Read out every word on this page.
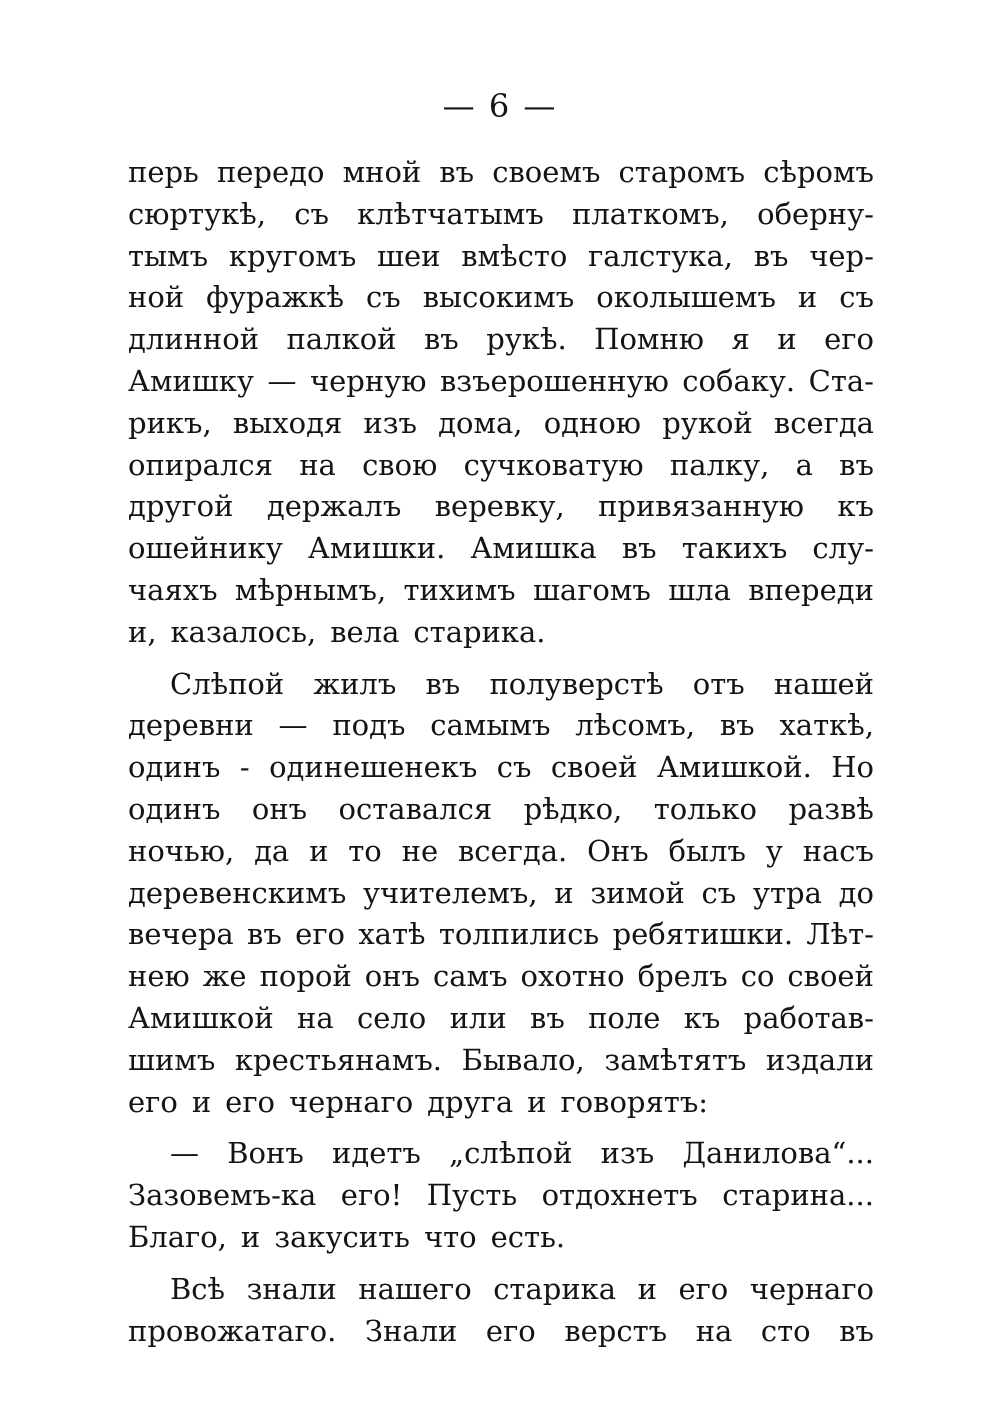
— 6 —
перь передо мной въ своемъ старомъ сѣромъ
сюртукѣ, съ клѣтчатымъ платкомъ, оберну-
тымъ кругомъ шеи вмѣсто галстука, въ чер-
ной фуражкѣ съ высокимъ околышемъ и съ
длинной палкой въ рукѣ. Помню я и его
Амишку — черную взъерошенную собаку. Ста-
рикъ, выходя изъ дома, одною рукой всегда
опирался на свою сучковатую палку, а въ
другой держалъ веревку, привязанную къ
ошейнику Амишки. Амишка въ такихъ слу-
чаяхъ мѣрнымъ, тихимъ шагомъ шла впереди
и, казалось, вела старика.
Слѣпой жилъ въ полуверстѣ отъ нашей
деревни — подъ самымъ лѣсомъ, въ хаткѣ,
одинъ - одинешенекъ съ своей Амишкой. Но
одинъ онъ оставался рѣдко, только развѣ
ночью, да и то не всегда. Онъ былъ у насъ
деревенскимъ учителемъ, и зимой съ утра до
вечера въ его хатѣ толпились ребятишки. Лѣт-
нею же порой онъ самъ охотно брелъ со своей
Амишкой на село или въ поле къ работав-
шимъ крестьянамъ. Бывало, замѣтятъ издали
его и его чернаго друга и говорятъ:
— Вонъ идетъ „слѣпой изъ Данилова“...
Зазовемъ-ка его! Пусть отдохнетъ старина...
Благо, и закусить что есть.
Всѣ знали нашего старика и его чернаго
провожатаго. Знали его верстъ на сто въ
